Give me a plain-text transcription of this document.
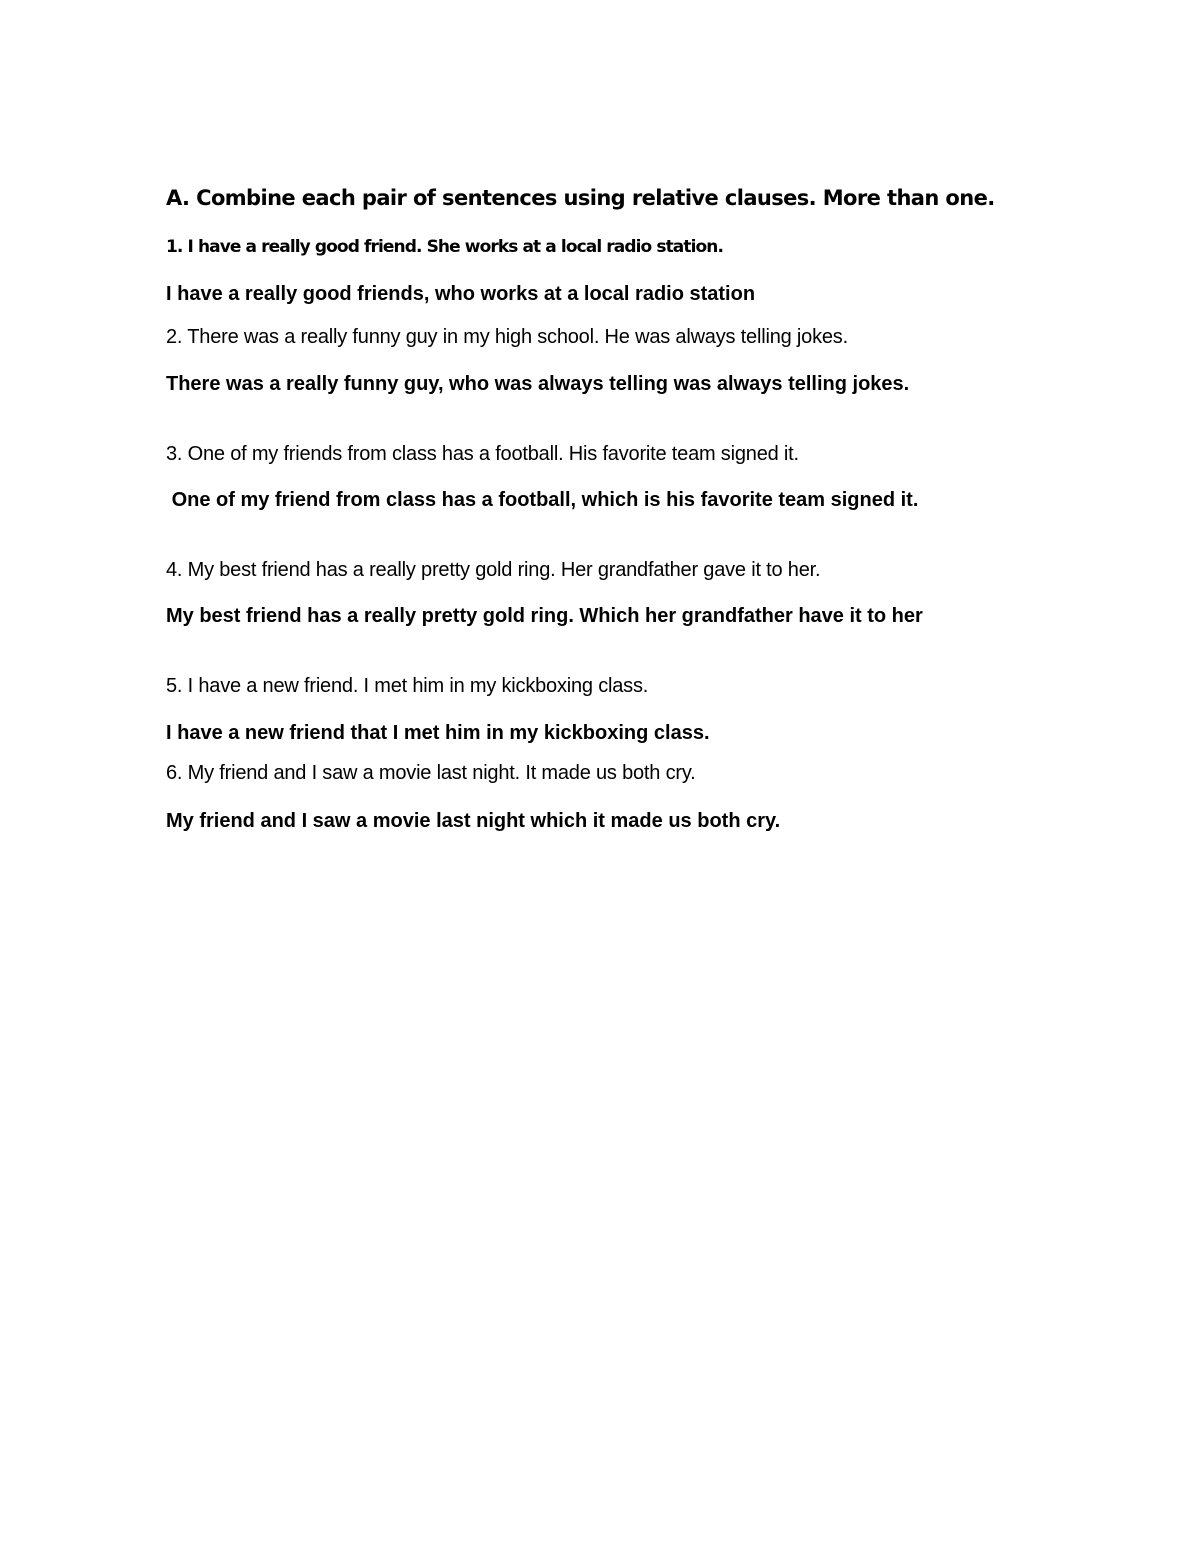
A. Combine each pair of sentences using relative clauses. More than one.
1. I have a really good friend. She works at a local radio station.
I have a really good friends, who works at a local radio station
2. There was a really funny guy in my high school. He was always telling jokes.
There was a really funny guy, who was always telling was always telling jokes.
3. One of my friends from class has a football. His favorite team signed it.
One of my friend from class has a football, which is his favorite team signed it.
4. My best friend has a really pretty gold ring. Her grandfather gave it to her.
My best friend has a really pretty gold ring. Which her grandfather have it to her
5. I have a new friend. I met him in my kickboxing class.
I have a new friend that I met him in my kickboxing class.
6. My friend and I saw a movie last night. It made us both cry.
My friend and I saw a movie last night which it made us both cry.
